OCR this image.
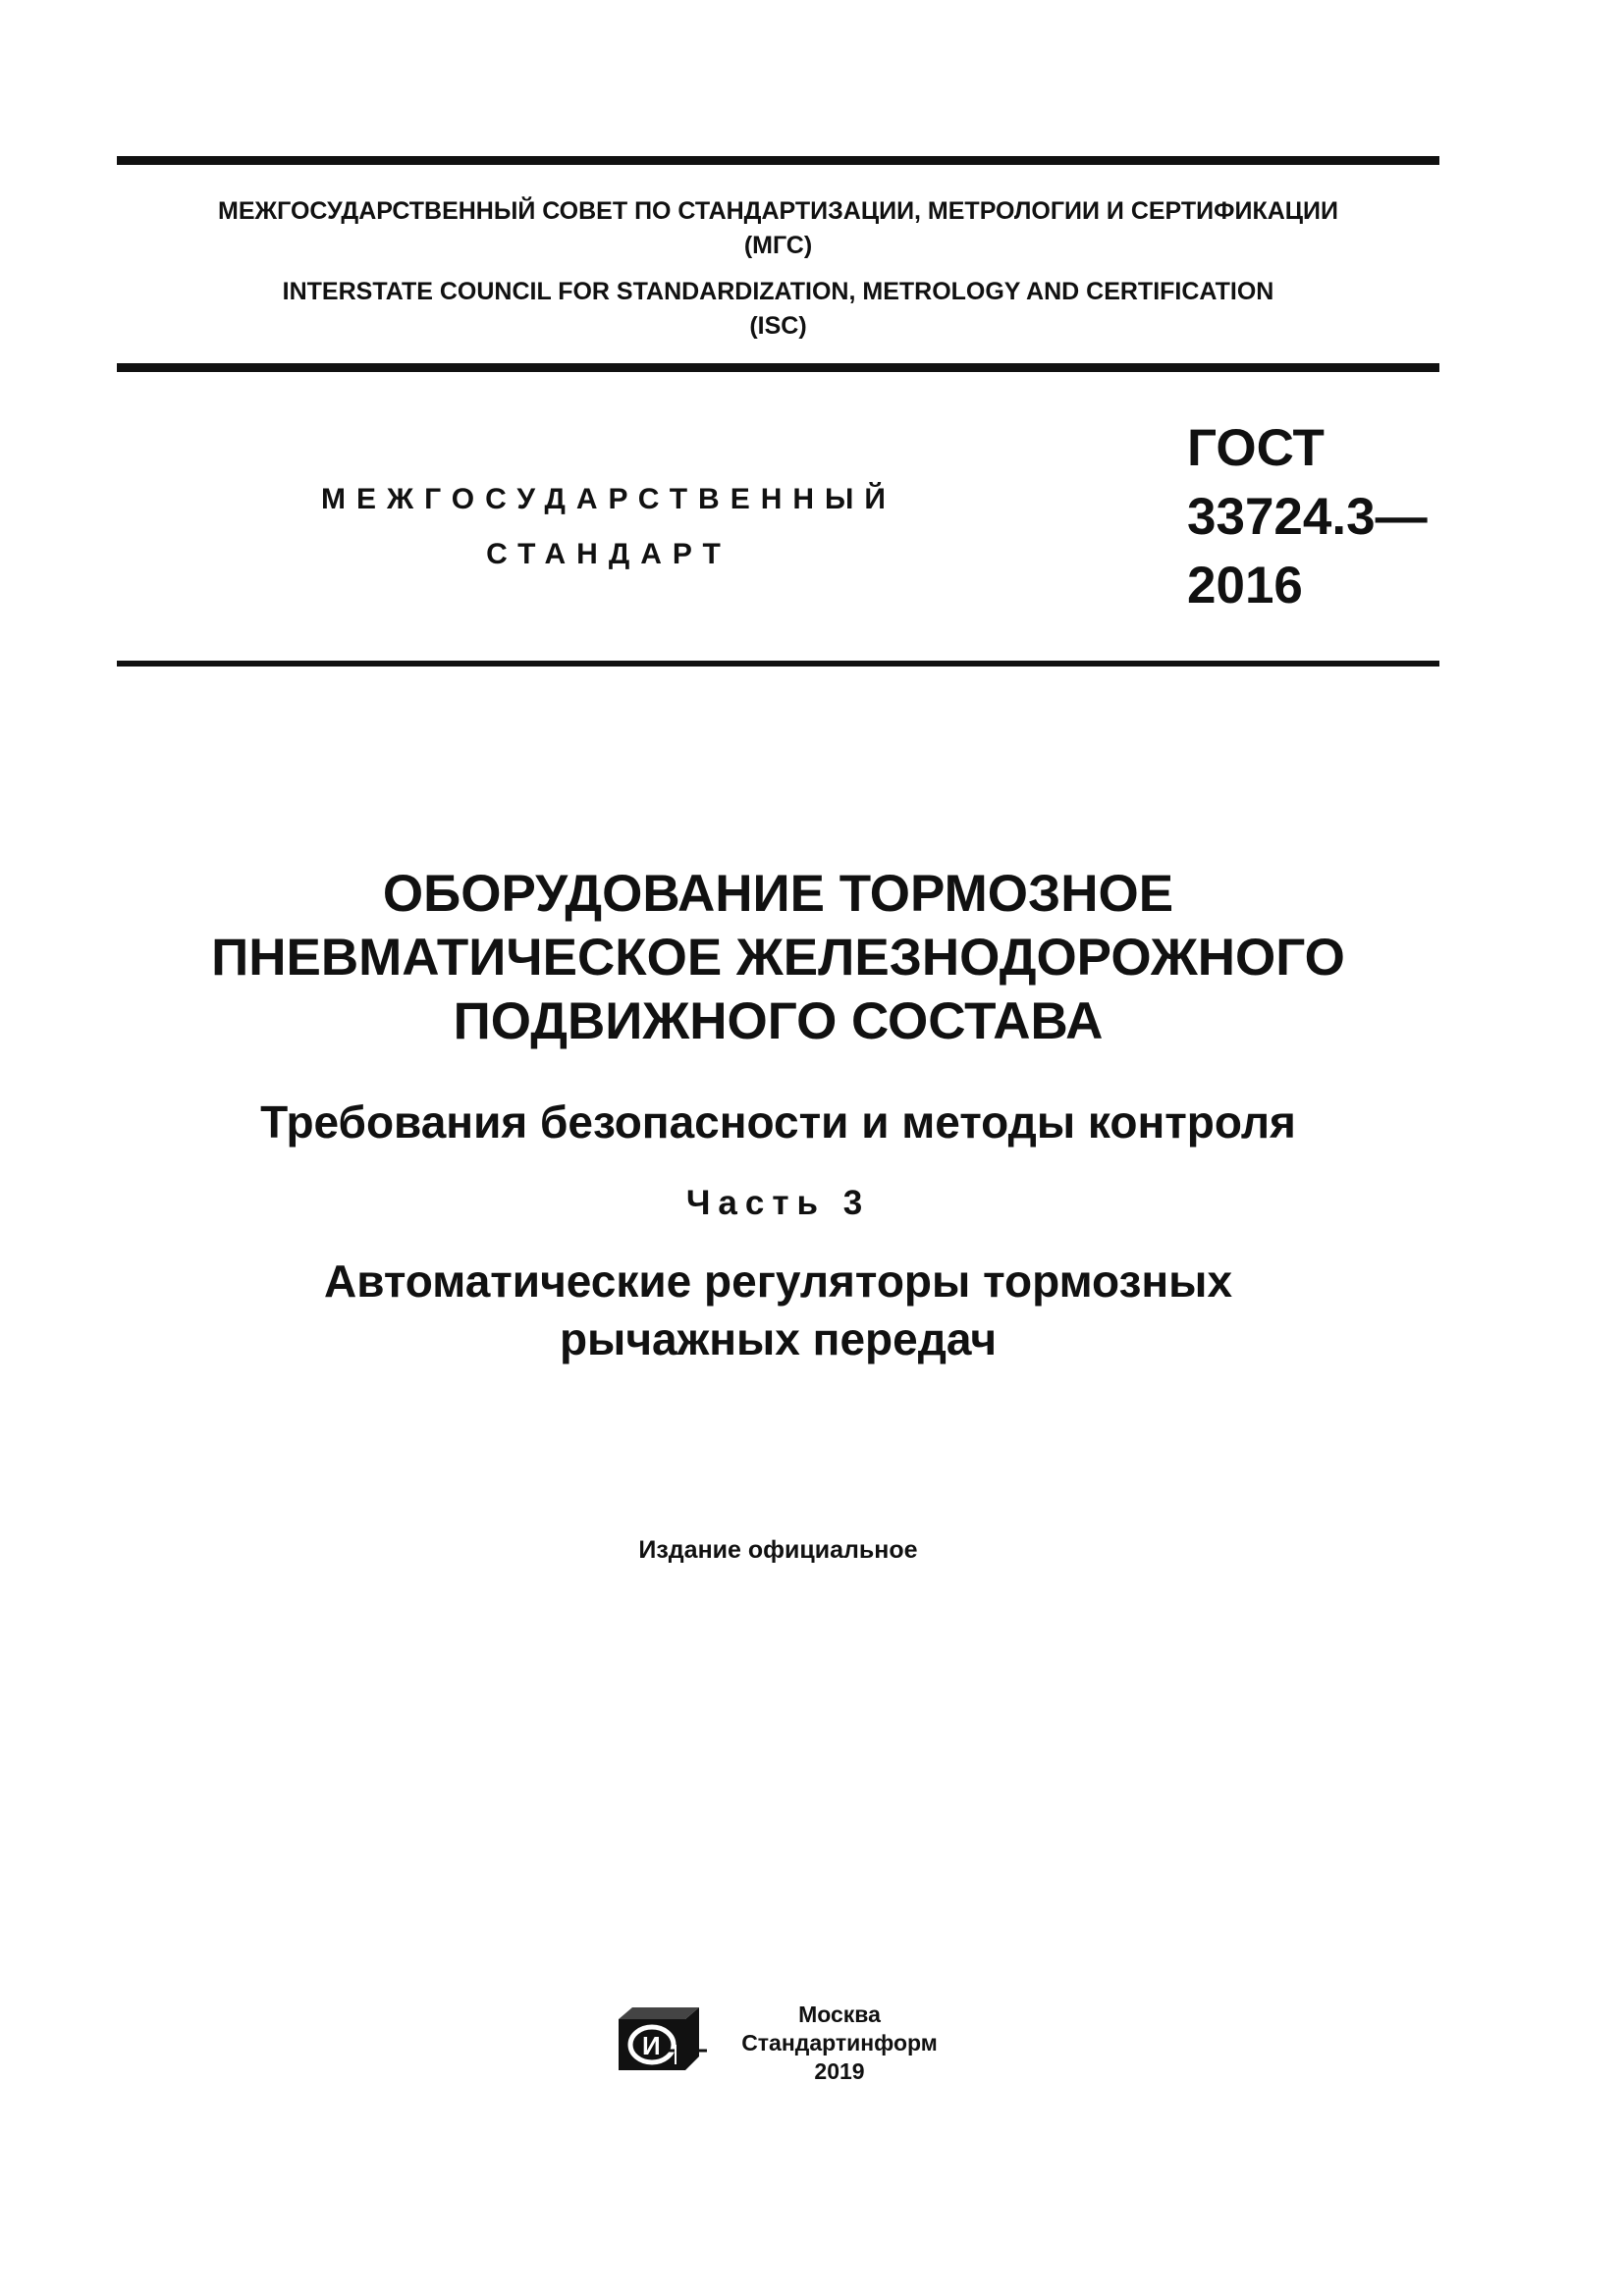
МЕЖГОСУДАРСТВЕННЫЙ СОВЕТ ПО СТАНДАРТИЗАЦИИ, МЕТРОЛОГИИ И СЕРТИФИКАЦИИ
(МГС)
INTERSTATE COUNCIL FOR STANDARDIZATION, METROLOGY AND CERTIFICATION
(ISC)
МЕЖГОСУДАРСТВЕННЫЙ
СТАНДАРТ
ГОСТ
33724.3—
2016
ОБОРУДОВАНИЕ ТОРМОЗНОЕ
ПНЕВМАТИЧЕСКОЕ ЖЕЛЕЗНОДОРОЖНОГО
ПОДВИЖНОГО СОСТАВА
Требования безопасности и методы контроля
Часть 3
Автоматические регуляторы тормозных
рычажных передач
Издание официальное
И
Москва
Стандартинформ
2019
